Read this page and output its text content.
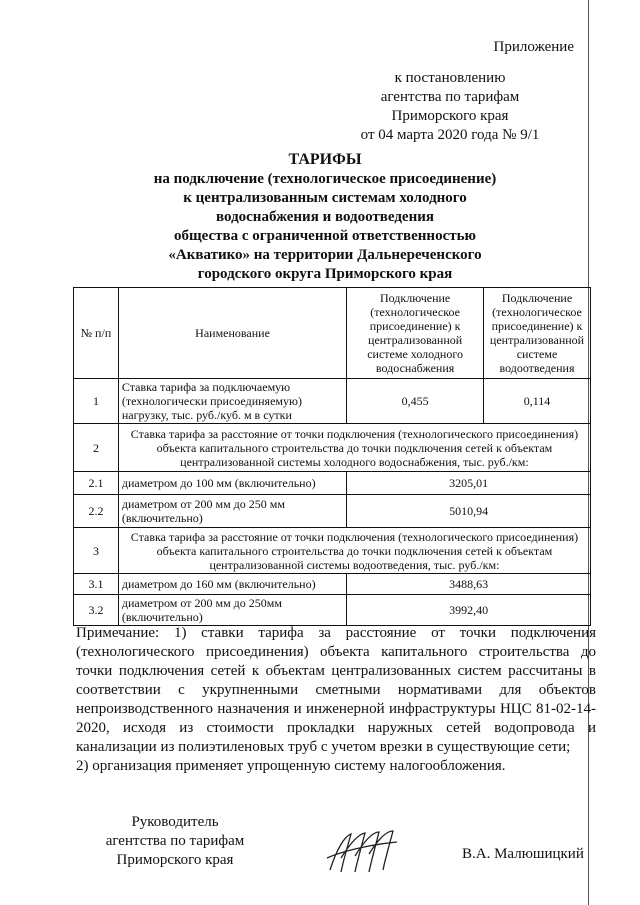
Приложение
к постановлению
агентства по тарифам
Приморского края
от 04 марта 2020 года № 9/1
ТАРИФЫ
на подключение (технологическое присоединение)
к централизованным системам холодного
водоснабжения и водоотведения
общества с ограниченной ответственностью
«Акватико» на территории Дальнереченского
городского округа Приморского края
№ п/п	Наименование	Подключение (технологическое присоединение) к централизованной системе холодного водоснабжения	Подключение (технологическое присоединение) к централизованной системе водоотведения
1	Ставка тарифа за подключаемую (технологически присоединяемую) нагрузку, тыс. руб./куб. м в сутки	0,455	0,114
2	Ставка тарифа за расстояние от точки подключения (технологического присоединения) объекта капитального строительства до точки подключения сетей к объектам централизованной системы холодного водоснабжения, тыс. руб./км:		
2.1	диаметром до 100 мм (включительно)	3205,01	
2.2	диаметром от 200 мм до 250 мм (включительно)	5010,94	
3	Ставка тарифа за расстояние от точки подключения (технологического присоединения) объекта капитального строительства до точки подключения сетей к объектам централизованной системы водоотведения, тыс. руб./км:		
3.1	диаметром до 160 мм (включительно)	3488,63	
3.2	диаметром от 200 мм до 250мм (включительно)	3992,40	
Примечание: 1) ставки тарифа за расстояние от точки подключения (технологического присоединения) объекта капитального строительства до точки подключения сетей к объектам централизованных систем рассчитаны в соответствии с укрупненными сметными нормативами для объектов непроизводственного назначения и инженерной инфраструктуры НЦС 81-02-14-2020, исходя из стоимости прокладки наружных сетей водопровода и канализации из полиэтиленовых труб с учетом врезки в существующие сети;
2) организация применяет упрощенную систему налогообложения.
Руководитель
агентства по тарифам
Приморского края	В.А. Малюшицкий
